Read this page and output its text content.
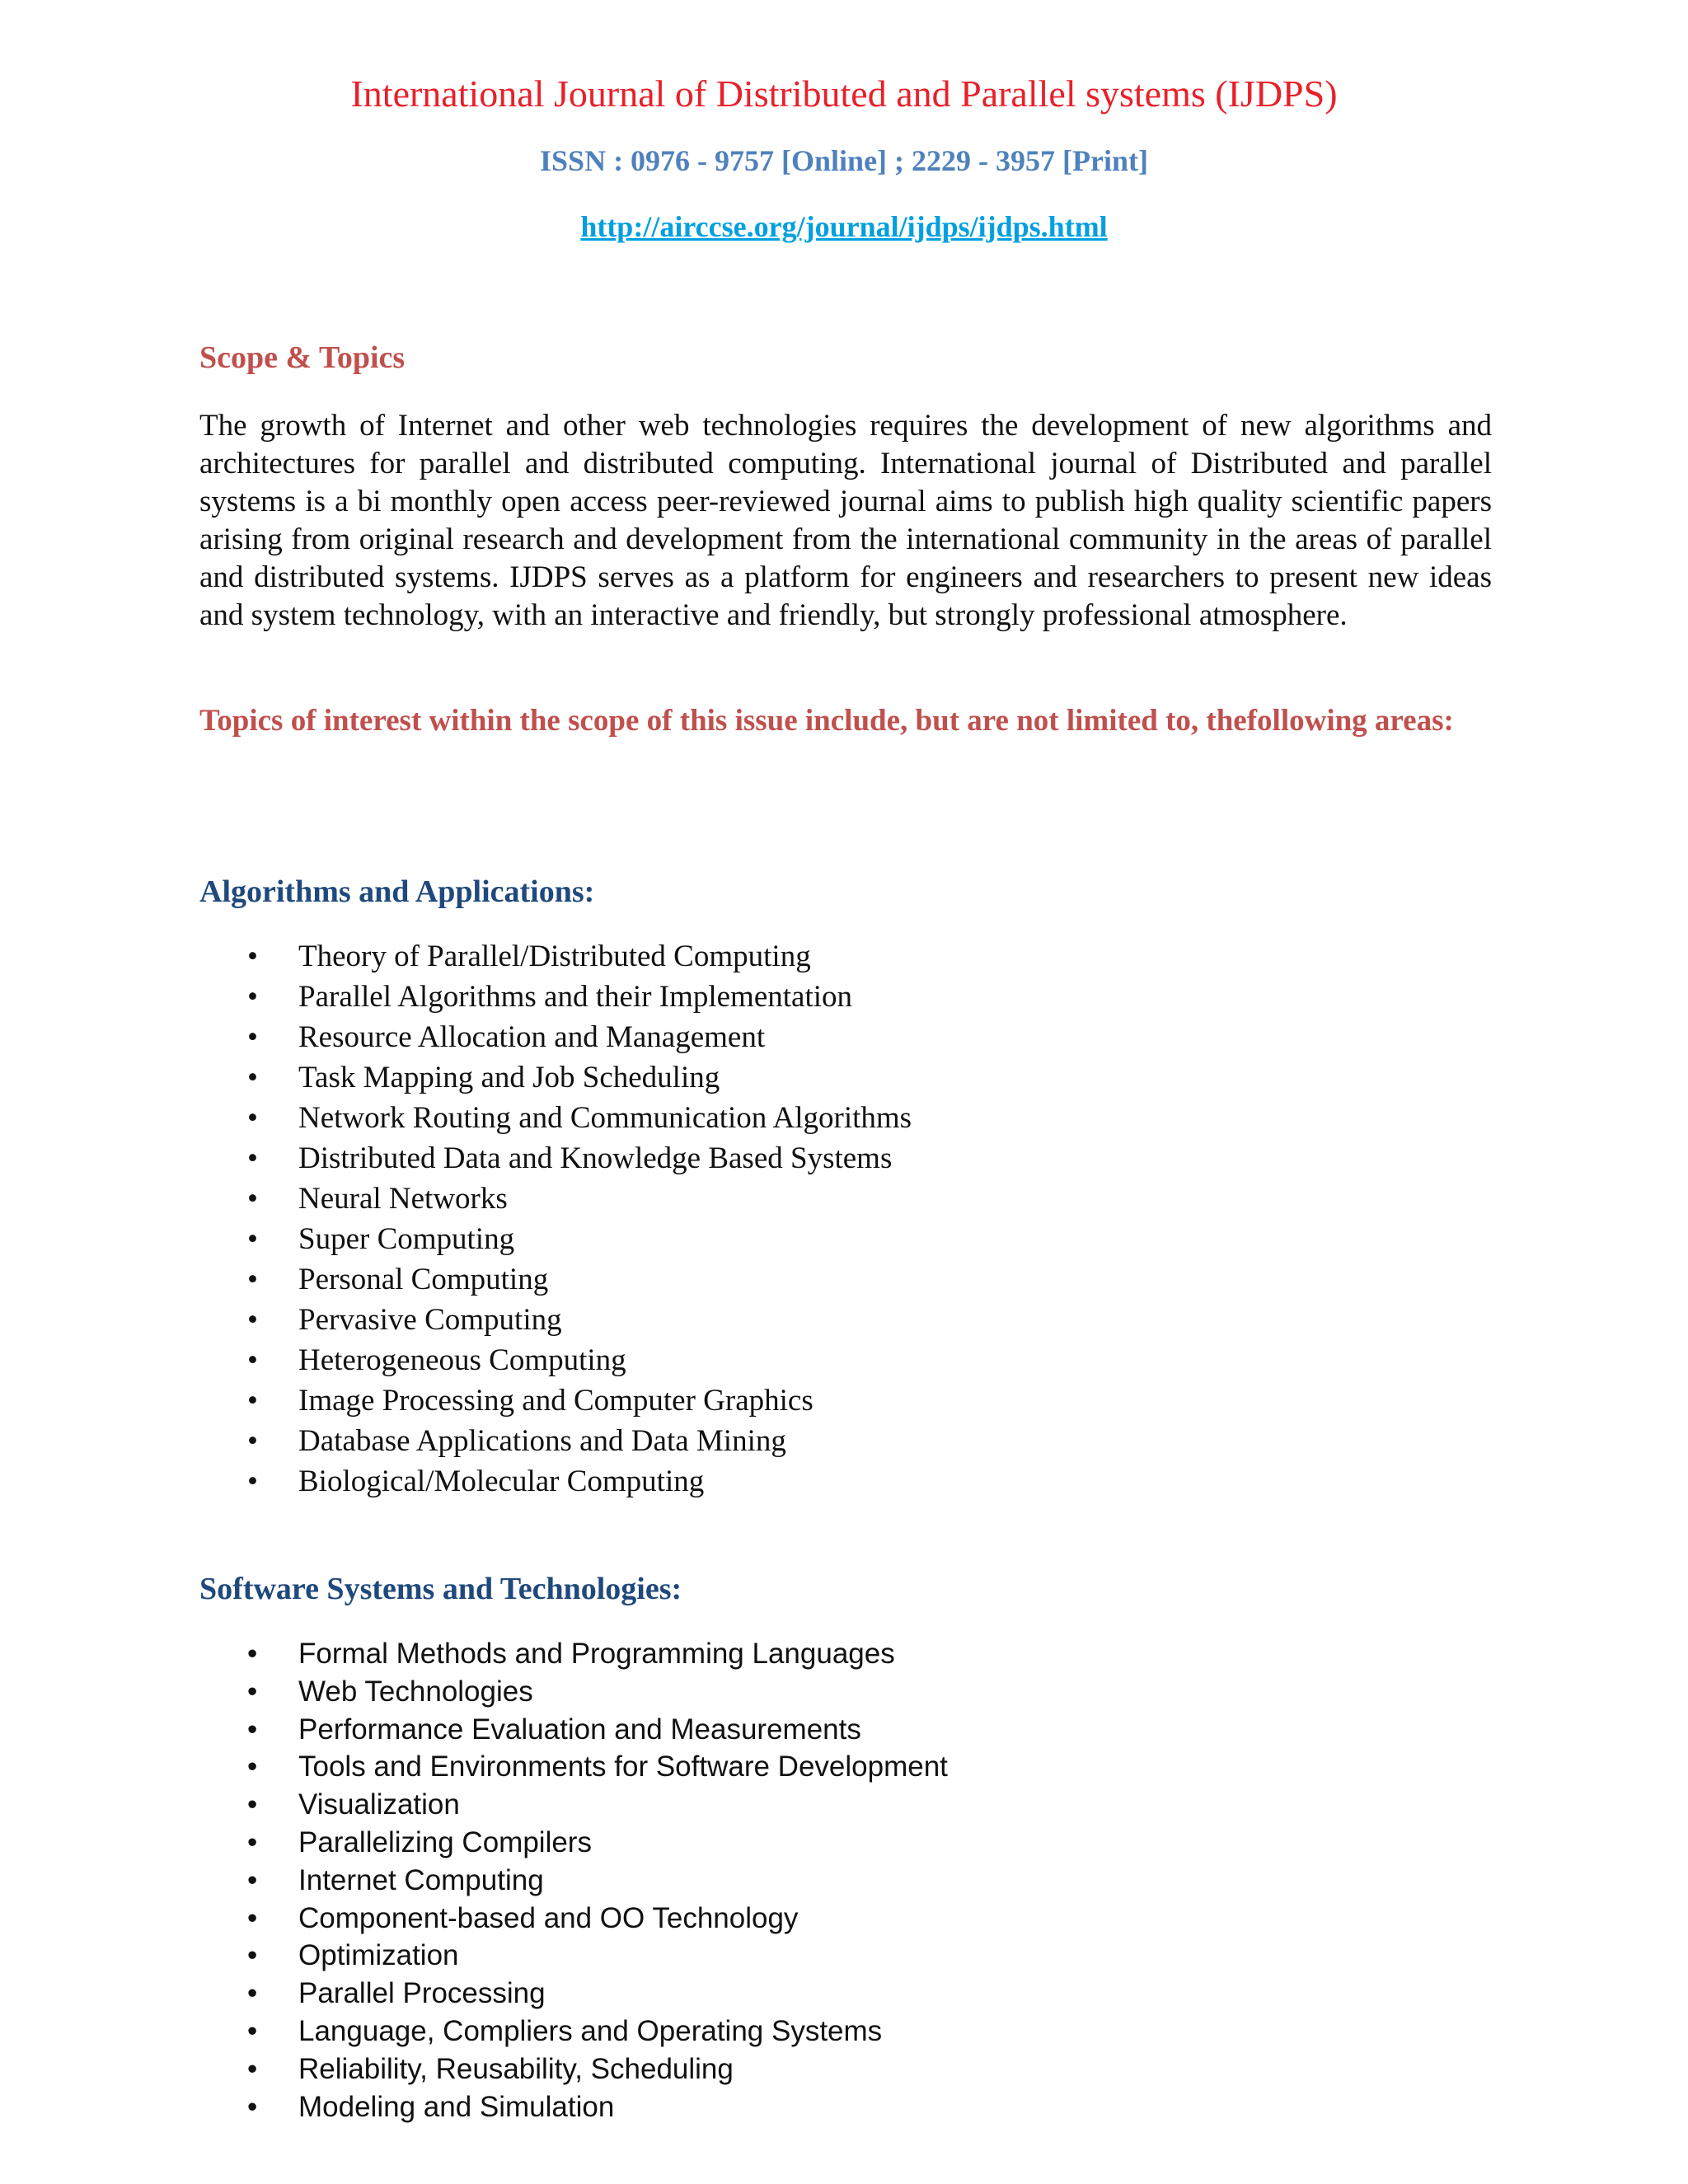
International Journal of Distributed and Parallel systems (IJDPS)
ISSN : 0976 - 9757 [Online] ; 2229 - 3957 [Print]
http://airccse.org/journal/ijdps/ijdps.html
Scope & Topics
The growth of Internet and other web technologies requires the development of new algorithms and architectures for parallel and distributed computing. International journal of Distributed and parallel systems is a bi monthly open access peer-reviewed journal aims to publish high quality scientific papers arising from original research and development from the international community in the areas of parallel and distributed systems. IJDPS serves as a platform for engineers and researchers to present new ideas and system technology, with an interactive and friendly, but strongly professional atmosphere.
Topics of interest within the scope of this issue include, but are not limited to, thefollowing areas:
Algorithms and Applications:
• Theory of Parallel/Distributed Computing
• Parallel Algorithms and their Implementation
• Resource Allocation and Management
• Task Mapping and Job Scheduling
• Network Routing and Communication Algorithms
• Distributed Data and Knowledge Based Systems
• Neural Networks
• Super Computing
• Personal Computing
• Pervasive Computing
• Heterogeneous Computing
• Image Processing and Computer Graphics
• Database Applications and Data Mining
• Biological/Molecular Computing
Software Systems and Technologies:
• Formal Methods and Programming Languages
• Web Technologies
• Performance Evaluation and Measurements
• Tools and Environments for Software Development
• Visualization
• Parallelizing Compilers
• Internet Computing
• Component-based and OO Technology
• Optimization
• Parallel Processing
• Language, Compliers and Operating Systems
• Reliability, Reusability, Scheduling
• Modeling and Simulation
